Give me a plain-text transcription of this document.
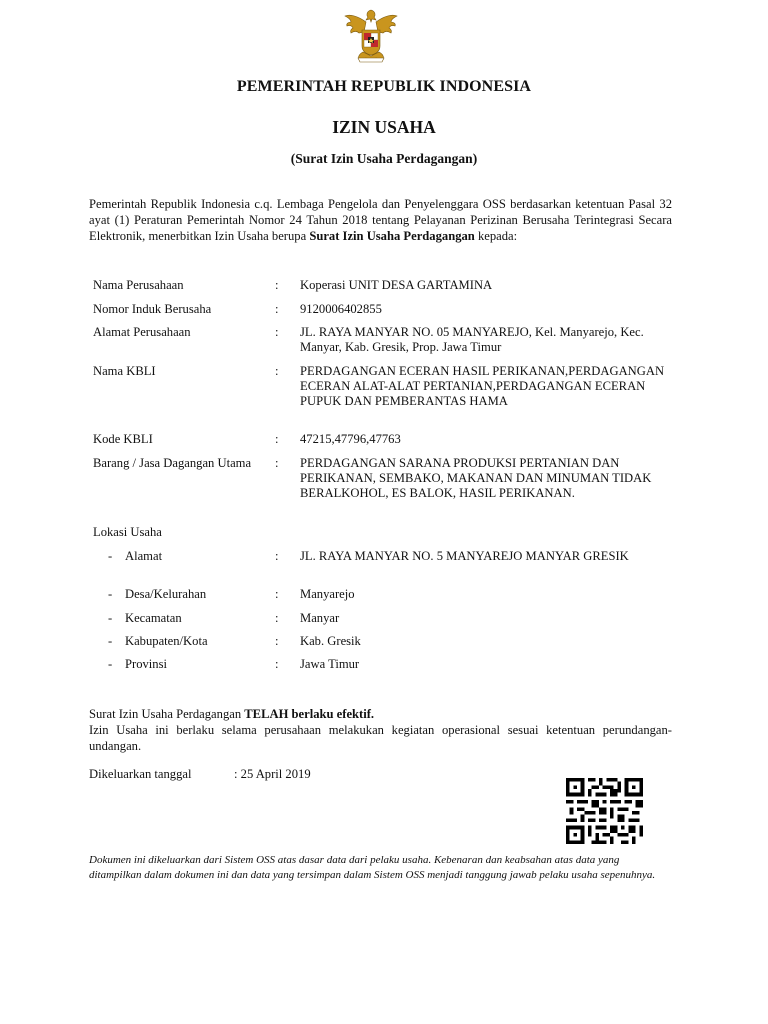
PEMERINTAH REPUBLIK INDONESIA
IZIN USAHA
(Surat Izin Usaha Perdagangan)
Pemerintah Republik Indonesia c.q. Lembaga Pengelola dan Penyelenggara OSS berdasarkan ketentuan Pasal 32 ayat (1) Peraturan Pemerintah Nomor 24 Tahun 2018 tentang Pelayanan Perizinan Berusaha Terintegrasi Secara Elektronik, menerbitkan Izin Usaha berupa Surat Izin Usaha Perdagangan kepada:
Nama Perusahaan	: Koperasi UNIT DESA GARTAMINA
Nomor Induk Berusaha	: 9120006402855
Alamat Perusahaan	: JL. RAYA MANYAR NO. 05 MANYAREJO, Kel. Manyarejo, Kec. Manyar, Kab. Gresik, Prop. Jawa Timur
Nama KBLI	: PERDAGANGAN ECERAN HASIL PERIKANAN,PERDAGANGAN ECERAN ALAT-ALAT PERTANIAN,PERDAGANGAN ECERAN PUPUK DAN PEMBERANTAS HAMA
Kode KBLI	: 47215,47796,47763
Barang / Jasa Dagangan Utama : PERDAGANGAN SARANA PRODUKSI PERTANIAN DAN PERIKANAN, SEMBAKO, MAKANAN DAN MINUMAN TIDAK BERALKOHOL, ES BALOK, HASIL PERIKANAN.
Lokasi Usaha
- Alamat	: JL. RAYA MANYAR NO. 5 MANYAREJO MANYAR GRESIK
- Desa/Kelurahan	: Manyarejo
- Kecamatan	: Manyar
- Kabupaten/Kota	: Kab. Gresik
- Provinsi	: Jawa Timur
Surat Izin Usaha Perdagangan TELAH berlaku efektif.
Izin Usaha ini berlaku selama perusahaan melakukan kegiatan operasional sesuai ketentuan perundangan-undangan.
Dikeluarkan tanggal	: 25 April 2019
Dokumen ini dikeluarkan dari Sistem OSS atas dasar data dari pelaku usaha. Kebenaran dan keabsahan atas data yang ditampilkan dalam dokumen ini dan data yang tersimpan dalam Sistem OSS menjadi tanggung jawab pelaku usaha sepenuhnya.
